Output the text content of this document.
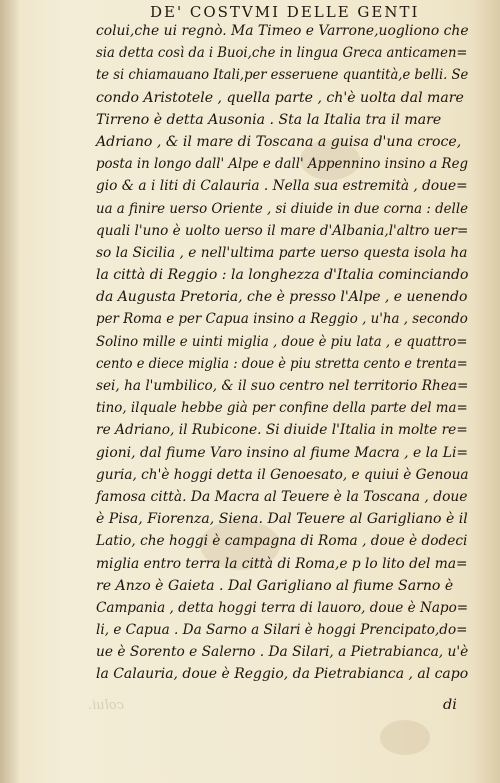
DE' COSTVMI DELLE GENTI
colui,che ui regnò. Ma Timeo e Varrone,uogliono che sia detta così da i Buoi,che in lingua Greca anticamen= te si chiamauano Itali,per esseruene quantità,e belli. Se condo Aristotele , quella parte , ch'è uolta dal mare Tirreno è detta Ausonia . Sta la Italia tra il mare Adriano , & il mare di Toscana a guisa d'una croce, posta in longo dall' Alpe e dall' Appennino insino a Reg gio & a i liti di Calauria . Nella sua estremità , doue= ua a finire uerso Oriente , si diuide in due corna : delle quali l'uno è uolto uerso il mare d'Albania,l'altro uer= so la Sicilia , e nell'ultima parte uerso questa isola ha la città di Reggio : la longhezza d'Italia cominciando da Augusta Pretoria, che è presso l'Alpe , e uenendo per Roma e per Capua insino a Reggio , u'ha , secondo Solino mille e uinti miglia , doue è piu lata , e quattro= cento e diece miglia : doue è piu stretta cento e trenta= sei, ha l'umbilico, & il suo centro nel territorio Rhea= tino, ilquale hebbe già per confine della parte del ma= re Adriano, il Rubicone. Si diuide l'Italia in molte re= gioni, dal fiume Varo insino al fiume Macra , e la Li= guria, ch'è hoggi detta il Genoesato, e quiui è Genoua famosa città. Da Macra al Teuere è la Toscana , doue è Pisa, Fiorenza, Siena. Dal Teuere al Garigliano è il Latio, che hoggi è campagna di Roma , doue è dodeci miglia entro terra la città di Roma,e p lo lito del ma= re Anzo è Gaieta . Dal Garigliano al fiume Sarno è Campania , detta hoggi terra di lauoro, doue è Napo= li, e Capua . Da Sarno a Silari è hoggi Prencipato,do= ue è Sorento e Salerno . Da Silari, a Pietrabianca, u'è la Calauria, doue è Reggio, da Pietrabianca , al capo
colui.	di
